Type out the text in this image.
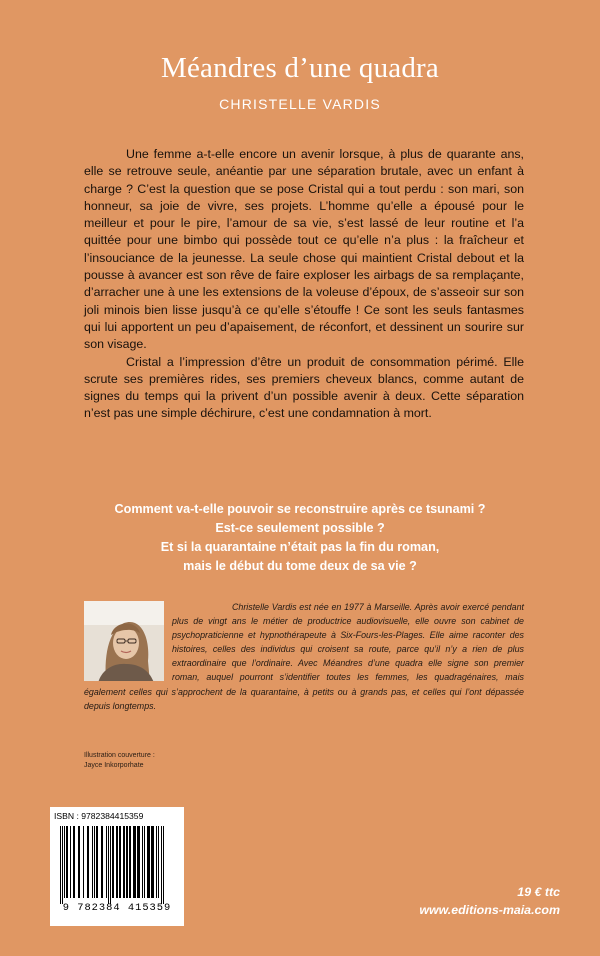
Méandres d’une quadra
CHRISTELLE VARDIS

Une femme a-t-elle encore un avenir lorsque, à plus de quarante ans, elle se retrouve seule, anéantie par une séparation brutale, avec un enfant à charge ? C’est la question que se pose Cristal qui a tout perdu : son mari, son honneur, sa joie de vivre, ses projets. L’homme qu’elle a épousé pour le meilleur et pour le pire, l’amour de sa vie, s’est lassé de leur routine et l’a quittée pour une bimbo qui possède tout ce qu’elle n’a plus : la fraîcheur et l’insouciance de la jeunesse. La seule chose qui maintient Cristal debout et la pousse à avancer est son rêve de faire exploser les airbags de sa remplaçante, d’arracher une à une les extensions de la voleuse d’époux, de s’asseoir sur son joli minois bien lisse jusqu’à ce qu’elle s’étouffe ! Ce sont les seuls fantasmes qui lui apportent un peu d’apaisement, de réconfort, et dessinent un sourire sur son visage.

Cristal a l’impression d’être un produit de consommation périmé. Elle scrute ses premières rides, ses premiers cheveux blancs, comme autant de signes du temps qui la privent d’un possible avenir à deux. Cette séparation n’est pas une simple déchirure, c’est une condamnation à mort.

Comment va-t-elle pouvoir se reconstruire après ce tsunami ?
Est-ce seulement possible ?
Et si la quarantaine n’était pas la fin du roman,
mais le début du tome deux de sa vie ?
Christelle Vardis est née en 1977 à Marseille. Après avoir exercé pendant plus de vingt ans le métier de productrice audiovisuelle, elle ouvre son cabinet de psychopraticienne et hypnothérapeute à Six-Fours-les-Plages. Elle aime raconter des histoires, celles des individus qui croisent sa route, parce qu’il n’y a rien de plus extraordinaire que l’ordinaire. Avec Méandres d’une quadra elle signe son premier roman, auquel pourront s’identifier toutes les femmes, les quadragénaires, mais également celles qui s’approchent de la quarantaine, à petits ou à grands pas, et celles qui l’ont dépassée depuis longtemps.
Illustration couverture :
Jayce Inkorporhate
ISBN : 9782384415359
9 782384 415359
19 € ttc
www.editions-maia.com
